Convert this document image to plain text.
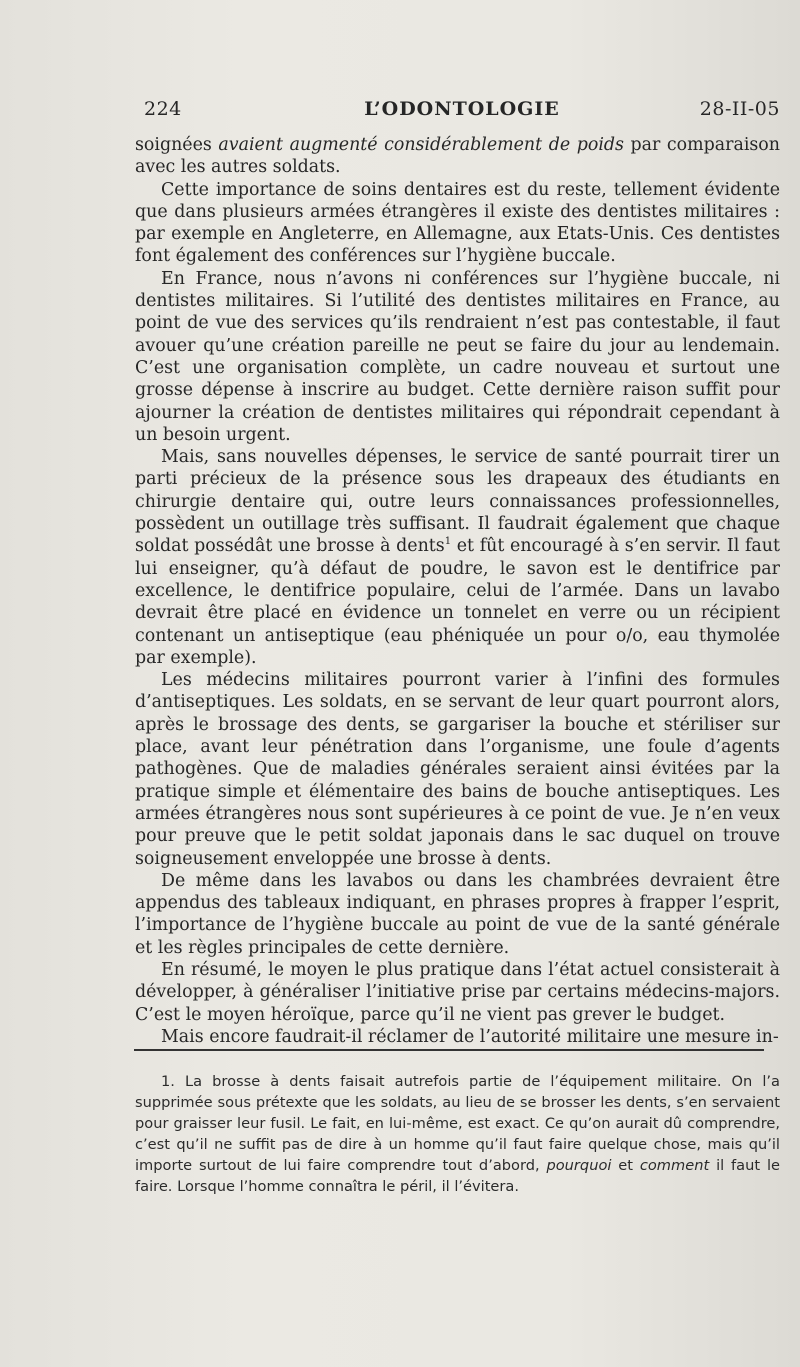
224	L’ODONTOLOGIE	28-II-05

soignées avaient augmenté considérablement de poids par comparaison avec les autres soldats.

Cette importance de soins dentaires est du reste, tellement évidente que dans plusieurs armées étrangères il existe des dentistes militaires : par exemple en Angleterre, en Allemagne, aux Etats-Unis. Ces dentistes font également des conférences sur l’hygiène buccale.

En France, nous n’avons ni conférences sur l’hygiène buccale, ni dentistes militaires. Si l’utilité des dentistes militaires en France, au point de vue des services qu’ils rendraient n’est pas contestable, il faut avouer qu’une création pareille ne peut se faire du jour au lendemain. C’est une organisation complète, un cadre nouveau et surtout une grosse dépense à inscrire au budget. Cette dernière raison suffit pour ajourner la création de dentistes militaires qui répondrait cependant à un besoin urgent.

Mais, sans nouvelles dépenses, le service de santé pourrait tirer un parti précieux de la présence sous les drapeaux des étudiants en chirurgie dentaire qui, outre leurs connaissances professionnelles, possèdent un outillage très suffisant. Il faudrait également que chaque soldat possédât une brosse à dents$^1$ et fût encouragé à s’en servir. Il faut lui enseigner, qu’à défaut de poudre, le savon est le dentifrice par excellence, le dentifrice populaire, celui de l’armée. Dans un lavabo devrait être placé en évidence un tonnelet en verre ou un récipient contenant un antiseptique (eau phéniquée un pour o/o, eau thymolée par exemple).

Les médecins militaires pourront varier à l’infini des formules d’antiseptiques. Les soldats, en se servant de leur quart pourront alors, après le brossage des dents, se gargariser la bouche et stériliser sur place, avant leur pénétration dans l’organisme, une foule d’agents pathogènes. Que de maladies générales seraient ainsi évitées par la pratique simple et élémentaire des bains de bouche antiseptiques. Les armées étrangères nous sont supérieures à ce point de vue. Je n’en veux pour preuve que le petit soldat japonais dans le sac duquel on trouve soigneusement enveloppée une brosse à dents.

De même dans les lavabos ou dans les chambrées devraient être appendus des tableaux indiquant, en phrases propres à frapper l’esprit, l’importance de l’hygiène buccale au point de vue de la santé générale et les règles principales de cette dernière.

En résumé, le moyen le plus pratique dans l’état actuel consisterait à développer, à généraliser l’initiative prise par certains médecins-majors. C’est le moyen héroïque, parce qu’il ne vient pas grever le budget.

Mais encore faudrait-il réclamer de l’autorité militaire une mesure in-

1. La brosse à dents faisait autrefois partie de l’équipement militaire. On l’a supprimée sous prétexte que les soldats, au lieu de se brosser les dents, s’en servaient pour graisser leur fusil. Le fait, en lui-même, est exact. Ce qu’on aurait dû comprendre, c’est qu’il ne suffit pas de dire à un homme qu’il faut faire quelque chose, mais qu’il importe surtout de lui faire comprendre tout d’abord, pourquoi et comment il faut le faire. Lorsque l’homme connaîtra le péril, il l’évitera.
